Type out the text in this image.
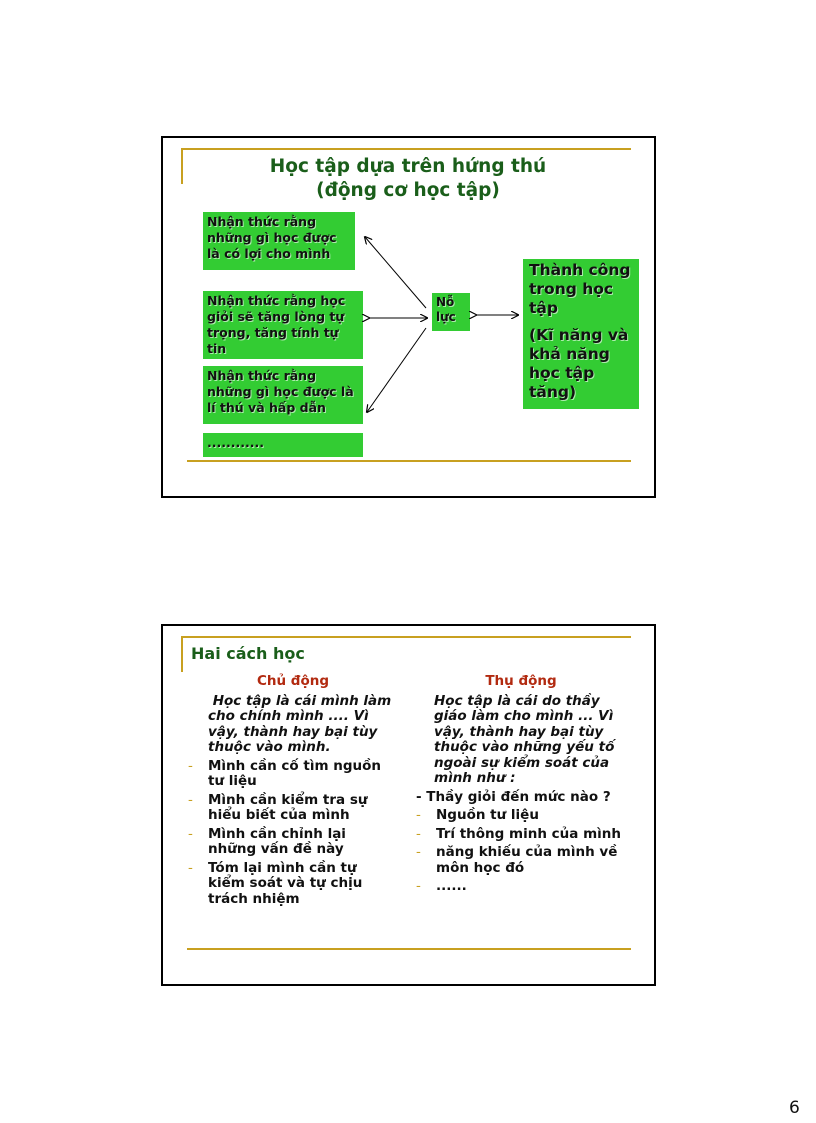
Học tập dựa trên hứng thú
(động cơ học tập)
Nhận thức rằng những gì học được là có lợi cho mình
Nhận thức rằng học giỏi sẽ tăng lòng tự trọng, tăng tính tự tin
Nhận thức rằng những gì học được là lí thú và hấp dẫn
............
Nỗ lực

Thành công trong học tập

(Kĩ năng và khả năng học tập tăng)

Hai cách học
Chủ động
Học tập là cái mình làm cho chính mình .... Vì vậy, thành hay bại tùy thuộc vào mình.
- Mình cần cố tìm nguồn tư liệu
- Mình cần kiểm tra sự hiểu biết của mình
- Mình cần chỉnh lại những vấn đề này
- Tóm lại mình cần tự kiểm soát và tự chịu trách nhiệm
Thụ động
Học tập là cái do thầy giáo làm cho mình ... Vì vậy, thành hay bại tùy thuộc vào những yếu tố ngoài sự kiểm soát của mình như :
- Thầy giỏi đến mức nào ?
- Nguồn tư liệu
- Trí thông minh của mình
- năng khiếu của mình về môn học đó
- ......
6
